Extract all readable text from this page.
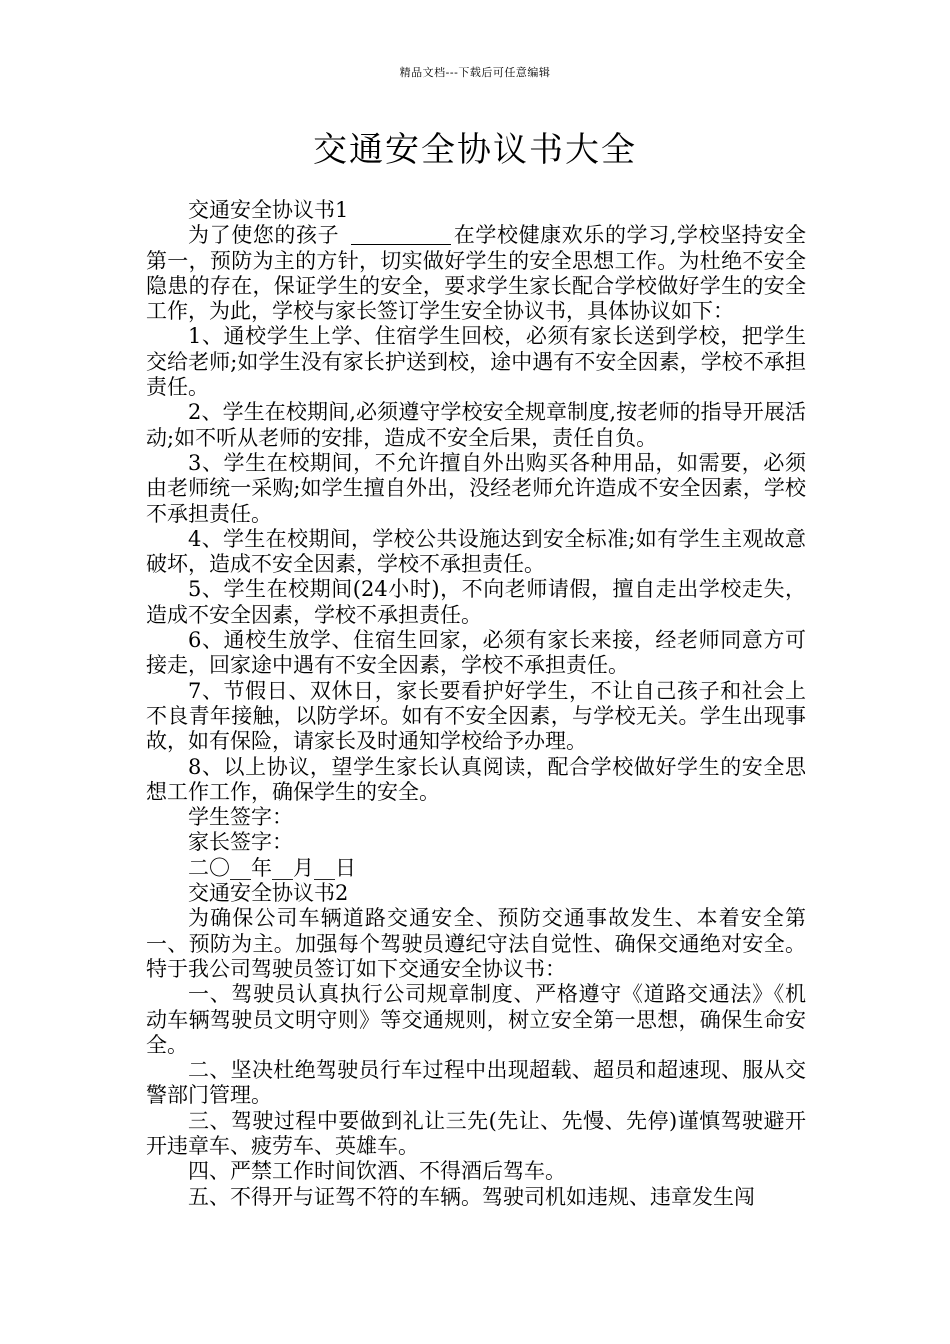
精品文档---下载后可任意编辑
交通安全协议书大全

交通安全协议书1

为了使您的孩子	在学校健康欢乐的学习,学校坚持安全第一，预防为主的方针，切实做好学生的安全思想工作。为杜绝不安全隐患的存在，保证学生的安全，要求学生家长配合学校做好学生的安全工作，为此，学校与家长签订学生安全协议书，具体协议如下：

1、通校学生上学、住宿学生回校，必须有家长送到学校，把学生交给老师;如学生没有家长护送到校，途中遇有不安全因素，学校不承担责任。

2、学生在校期间,必须遵守学校安全规章制度,按老师的指导开展活动;如不听从老师的安排，造成不安全后果，责任自负。

3、学生在校期间，不允许擅自外出购买各种用品，如需要，必须由老师统一采购;如学生擅自外出，没经老师允许造成不安全因素，学校不承担责任。

4、学生在校期间，学校公共设施达到安全标准;如有学生主观故意破坏，造成不安全因素，学校不承担责任。

5、学生在校期间(24小时)，不向老师请假，擅自走出学校走失，造成不安全因素，学校不承担责任。

6、通校生放学、住宿生回家，必须有家长来接，经老师同意方可接走，回家途中遇有不安全因素，学校不承担责任。

7、节假日、双休日，家长要看护好学生，不让自己孩子和社会上不良青年接触，以防学坏。如有不安全因素，与学校无关。学生出现事故，如有保险，请家长及时通知学校给予办理。

8、以上协议，望学生家长认真阅读，配合学校做好学生的安全思想工作工作，确保学生的安全。

学生签字：

家长签字：

二〇__年__月__日

交通安全协议书2

为确保公司车辆道路交通安全、预防交通事故发生、本着安全第一、预防为主。加强每个驾驶员遵纪守法自觉性、确保交通绝对安全。特于我公司驾驶员签订如下交通安全协议书：

一、驾驶员认真执行公司规章制度、严格遵守《道路交通法》《机动车辆驾驶员文明守则》等交通规则，树立安全第一思想，确保生命安全。

二、坚决杜绝驾驶员行车过程中出现超载、超员和超速现、服从交警部门管理。

三、驾驶过程中要做到礼让三先(先让、先慢、先停)谨慎驾驶避开开违章车、疲劳车、英雄车。

四、严禁工作时间饮酒、不得酒后驾车。

五、不得开与证驾不符的车辆。驾驶司机如违规、违章发生闯
